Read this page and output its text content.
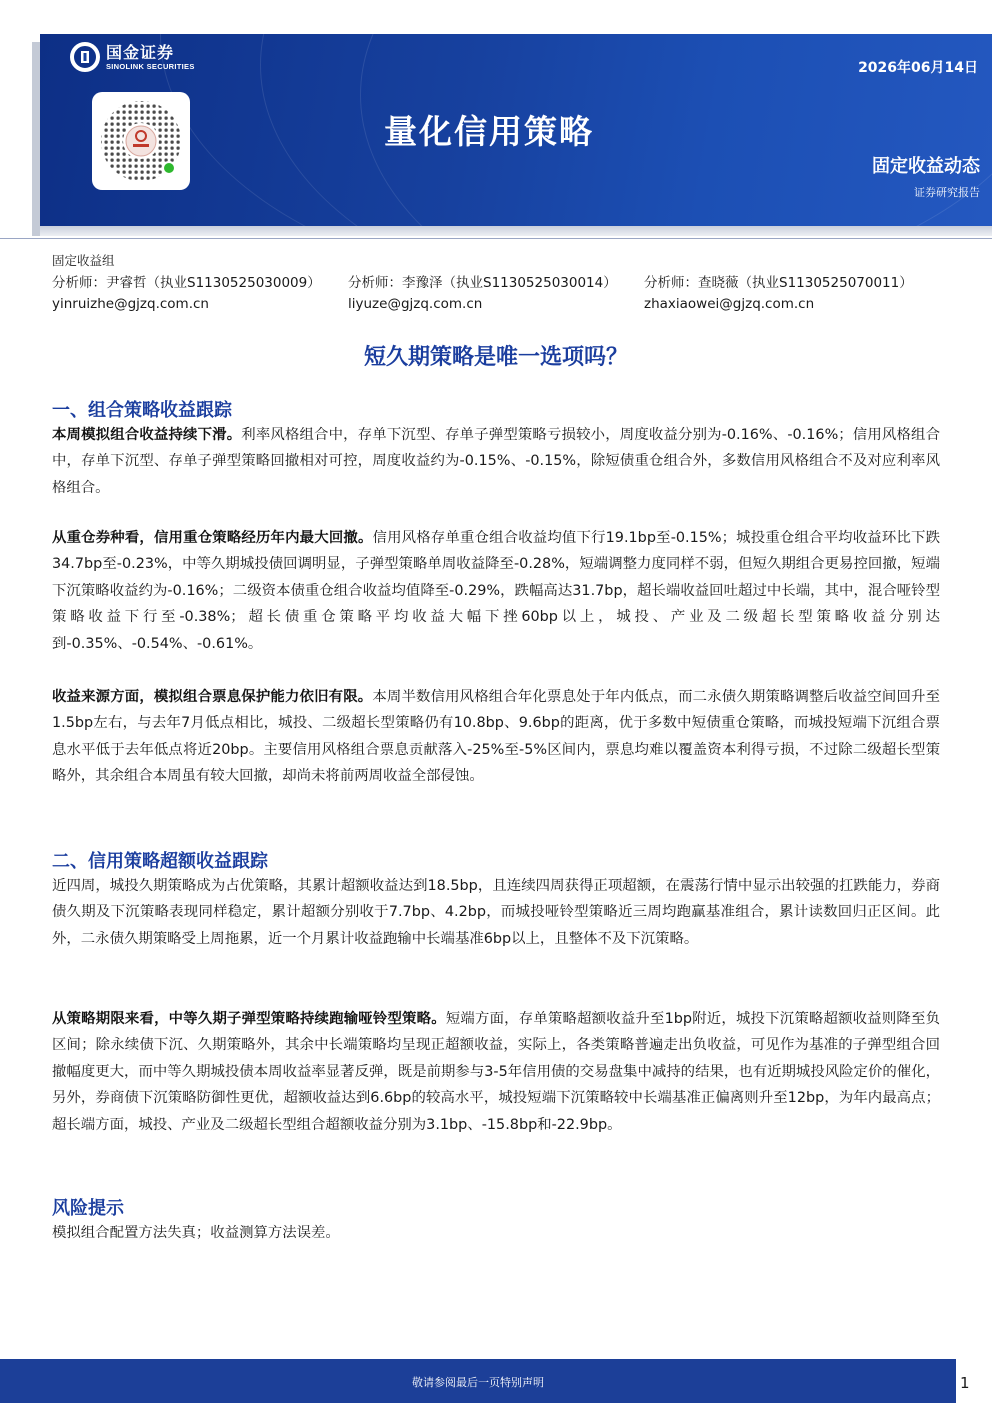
国金证券
SINOLINK SECURITIES	2026年06月14日
量化信用策略
固定收益动态
证券研究报告
固定收益组
分析师：尹睿哲（执业S1130525030009）
yinruizhe@gjzq.com.cn
分析师：李豫泽（执业S1130525030014）
liyuze@gjzq.com.cn
分析师：查晓薇（执业S1130525070011）
zhaxiaowei@gjzq.com.cn
短久期策略是唯一选项吗？
一、组合策略收益跟踪

本周模拟组合收益持续下滑。利率风格组合中，存单下沉型、存单子弹型策略亏损较小，周度收益分别为-0.16%、-0.16%；信用风格组合中，存单下沉型、存单子弹型策略回撤相对可控，周度收益约为-0.15%、-0.15%，除短债重仓组合外，多数信用风格组合不及对应利率风格组合。

从重仓券种看，信用重仓策略经历年内最大回撤。信用风格存单重仓组合收益均值下行19.1bp至-0.15%；城投重仓组合平均收益环比下跌34.7bp至-0.23%，中等久期城投债回调明显，子弹型策略单周收益降至-0.28%，短端调整力度同样不弱，但短久期组合更易控回撤，短端下沉策略收益约为-0.16%；二级资本债重仓组合收益均值降至-0.29%，跌幅高达31.7bp，超长端收益回吐超过中长端，其中，混合哑铃型策略收益下行至-0.38%；超长债重仓策略平均收益大幅下挫60bp以上，城投、产业及二级超长型策略收益分别达到-0.35%、-0.54%、-0.61%。

收益来源方面，模拟组合票息保护能力依旧有限。本周半数信用风格组合年化票息处于年内低点，而二永债久期策略调整后收益空间回升至1.5bp左右，与去年7月低点相比，城投、二级超长型策略仍有10.8bp、9.6bp的距离，优于多数中短债重仓策略，而城投短端下沉组合票息水平低于去年低点将近20bp。主要信用风格组合票息贡献落入-25%至-5%区间内，票息均难以覆盖资本利得亏损，不过除二级超长型策略外，其余组合本周虽有较大回撤，却尚未将前两周收益全部侵蚀。

二、信用策略超额收益跟踪

近四周，城投久期策略成为占优策略，其累计超额收益达到18.5bp，且连续四周获得正项超额，在震荡行情中显示出较强的扛跌能力，券商债久期及下沉策略表现同样稳定，累计超额分别收于7.7bp、4.2bp，而城投哑铃型策略近三周均跑赢基准组合，累计读数回归正区间。此外，二永债久期策略受上周拖累，近一个月累计收益跑输中长端基准6bp以上，且整体不及下沉策略。

从策略期限来看，中等久期子弹型策略持续跑输哑铃型策略。短端方面，存单策略超额收益升至1bp附近，城投下沉策略超额收益则降至负区间；除永续债下沉、久期策略外，其余中长端策略均呈现正超额收益，实际上，各类策略普遍走出负收益，可见作为基准的子弹型组合回撤幅度更大，而中等久期城投债本周收益率显著反弹，既是前期参与3-5年信用债的交易盘集中减持的结果，也有近期城投风险定价的催化，另外，券商债下沉策略防御性更优，超额收益达到6.6bp的较高水平，城投短端下沉策略较中长端基准正偏离则升至12bp，为年内最高点；超长端方面，城投、产业及二级超长型组合超额收益分别为3.1bp、-15.8bp和-22.9bp。

风险提示

模拟组合配置方法失真；收益测算方法误差。

敬请参阅最后一页特别声明	1
